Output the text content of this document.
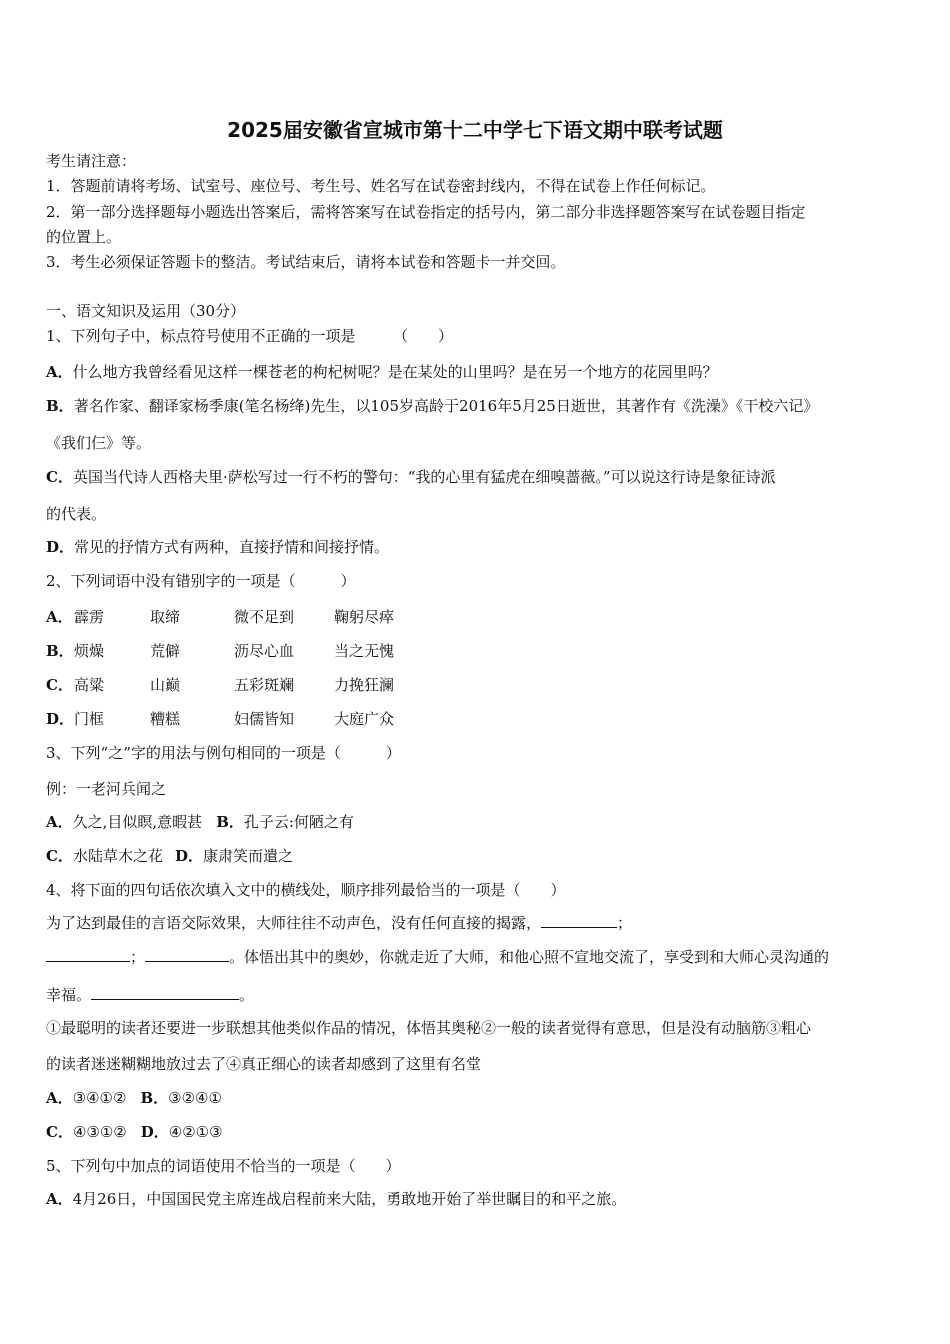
2025届安徽省宣城市第十二中学七下语文期中联考试题
考生请注意：
1．答题前请将考场、试室号、座位号、考生号、姓名写在试卷密封线内，不得在试卷上作任何标记。
2．第一部分选择题每小题选出答案后，需将答案写在试卷指定的括号内，第二部分非选择题答案写在试卷题目指定
的位置上。
3．考生必须保证答题卡的整洁。考试结束后，请将本试卷和答题卡一并交回。
一、语文知识及运用（30分）
1、下列句子中，标点符号使用不正确的一项是　　　（　　）
A．什么地方我曾经看见这样一棵苍老的枸杞树呢？是在某处的山里吗？是在另一个地方的花园里吗？
B．著名作家、翻译家杨季康(笔名杨绛)先生，以105岁高龄于2016年5月25日逝世，其著作有《洗澡》《干校六记》
《我们仨》等。
C．英国当代诗人西格夫里·萨松写过一行不朽的警句：“我的心里有猛虎在细嗅蔷薇。”可以说这行诗是象征诗派
的代表。
D．常见的抒情方式有两种，直接抒情和间接抒情。
2、下列词语中没有错别字的一项是（　　　）
A．霹雳	取缔	微不足到	鞠躬尽瘁
B．烦燥	荒僻	沥尽心血	当之无愧
C．高粱	山巅	五彩斑斓	力挽狂澜
D．门框	糟糕	妇儒皆知	大庭广众
3、下列“之”字的用法与例句相同的一项是（　　　）
例：一老河兵闻之
A．久之,目似瞑,意暇甚 B．孔子云:何陋之有
C．水陆草木之花 D．康肃笑而遣之
4、将下面的四句话依次填入文中的横线处，顺序排列最恰当的一项是（　　）
为了达到最佳的言语交际效果，大师往往不动声色，没有任何直接的揭露，	；
；	。体悟出其中的奥妙，你就走近了大师，和他心照不宣地交流了，享受到和大师心灵沟通的
幸福。	。
①最聪明的读者还要进一步联想其他类似作品的情况，体悟其奥秘②一般的读者觉得有意思，但是没有动脑筋③粗心
的读者迷迷糊糊地放过去了④真正细心的读者却感到了这里有名堂
A．③④①② B．③②④①
C．④③①② D．④②①③
5、下列句中加点的词语使用不恰当的一项是（　　）
A．4月26日，中国国民党主席连战启程前来大陆，勇敢地开始了举世瞩目的和平之旅。
